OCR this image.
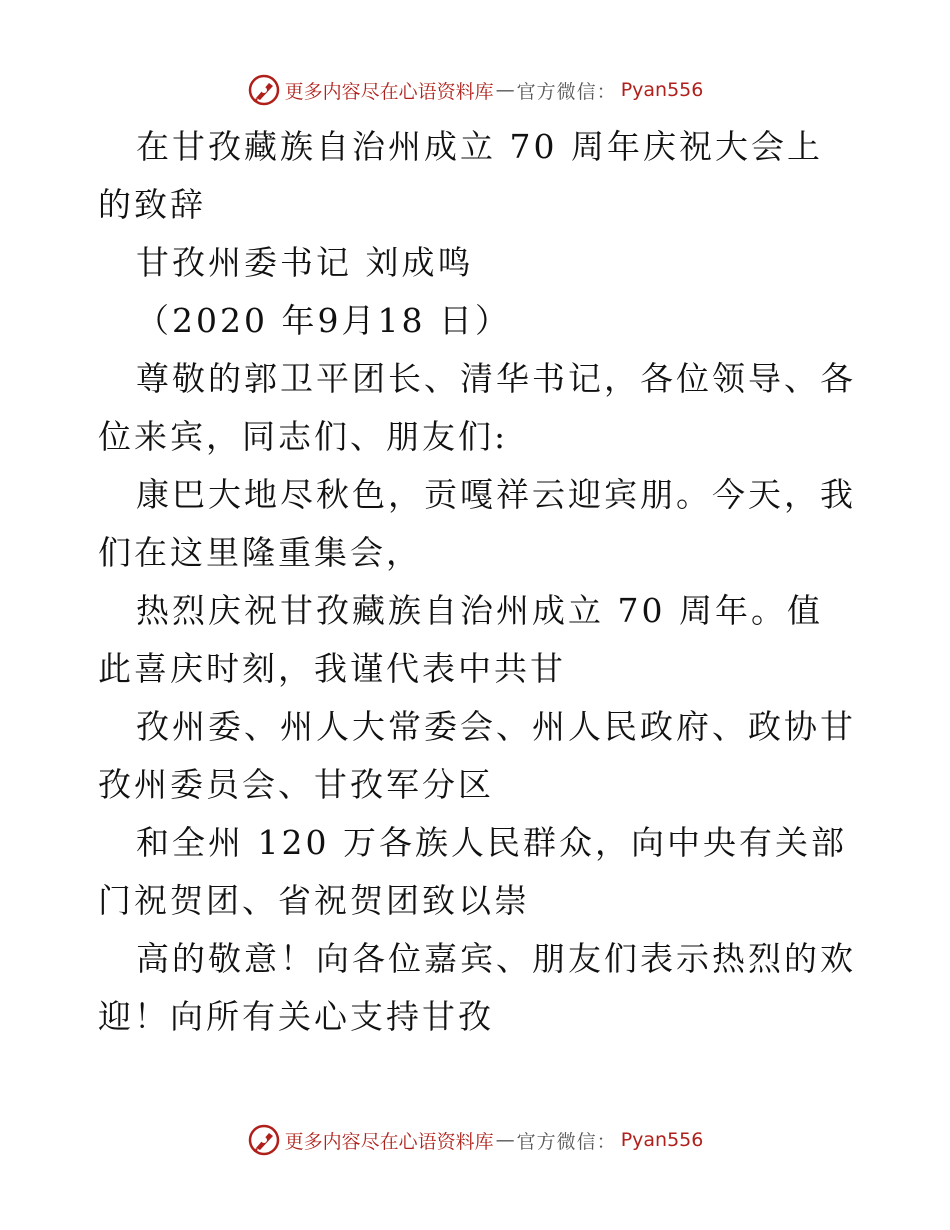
更多内容尽在心语资料库 — 官方微信： Pyan556

在甘孜藏族自治州成立 70 周年庆祝大会上的致辞

甘孜州委书记 刘成鸣

（2020 年9月18 日）

尊敬的郭卫平团长、清华书记，各位领导、各位来宾，同志们、朋友们:

康巴大地尽秋色，贡嘎祥云迎宾朋。今天，我们在这里隆重集会，

热烈庆祝甘孜藏族自治州成立 70 周年。值此喜庆时刻，我谨代表中共甘

孜州委、州人大常委会、州人民政府、政协甘孜州委员会、甘孜军分区

和全州 120 万各族人民群众，向中央有关部门祝贺团、省祝贺团致以崇

高的敬意！向各位嘉宾、朋友们表示热烈的欢迎！向所有关心支持甘孜

更多内容尽在心语资料库 — 官方微信： Pyan556
